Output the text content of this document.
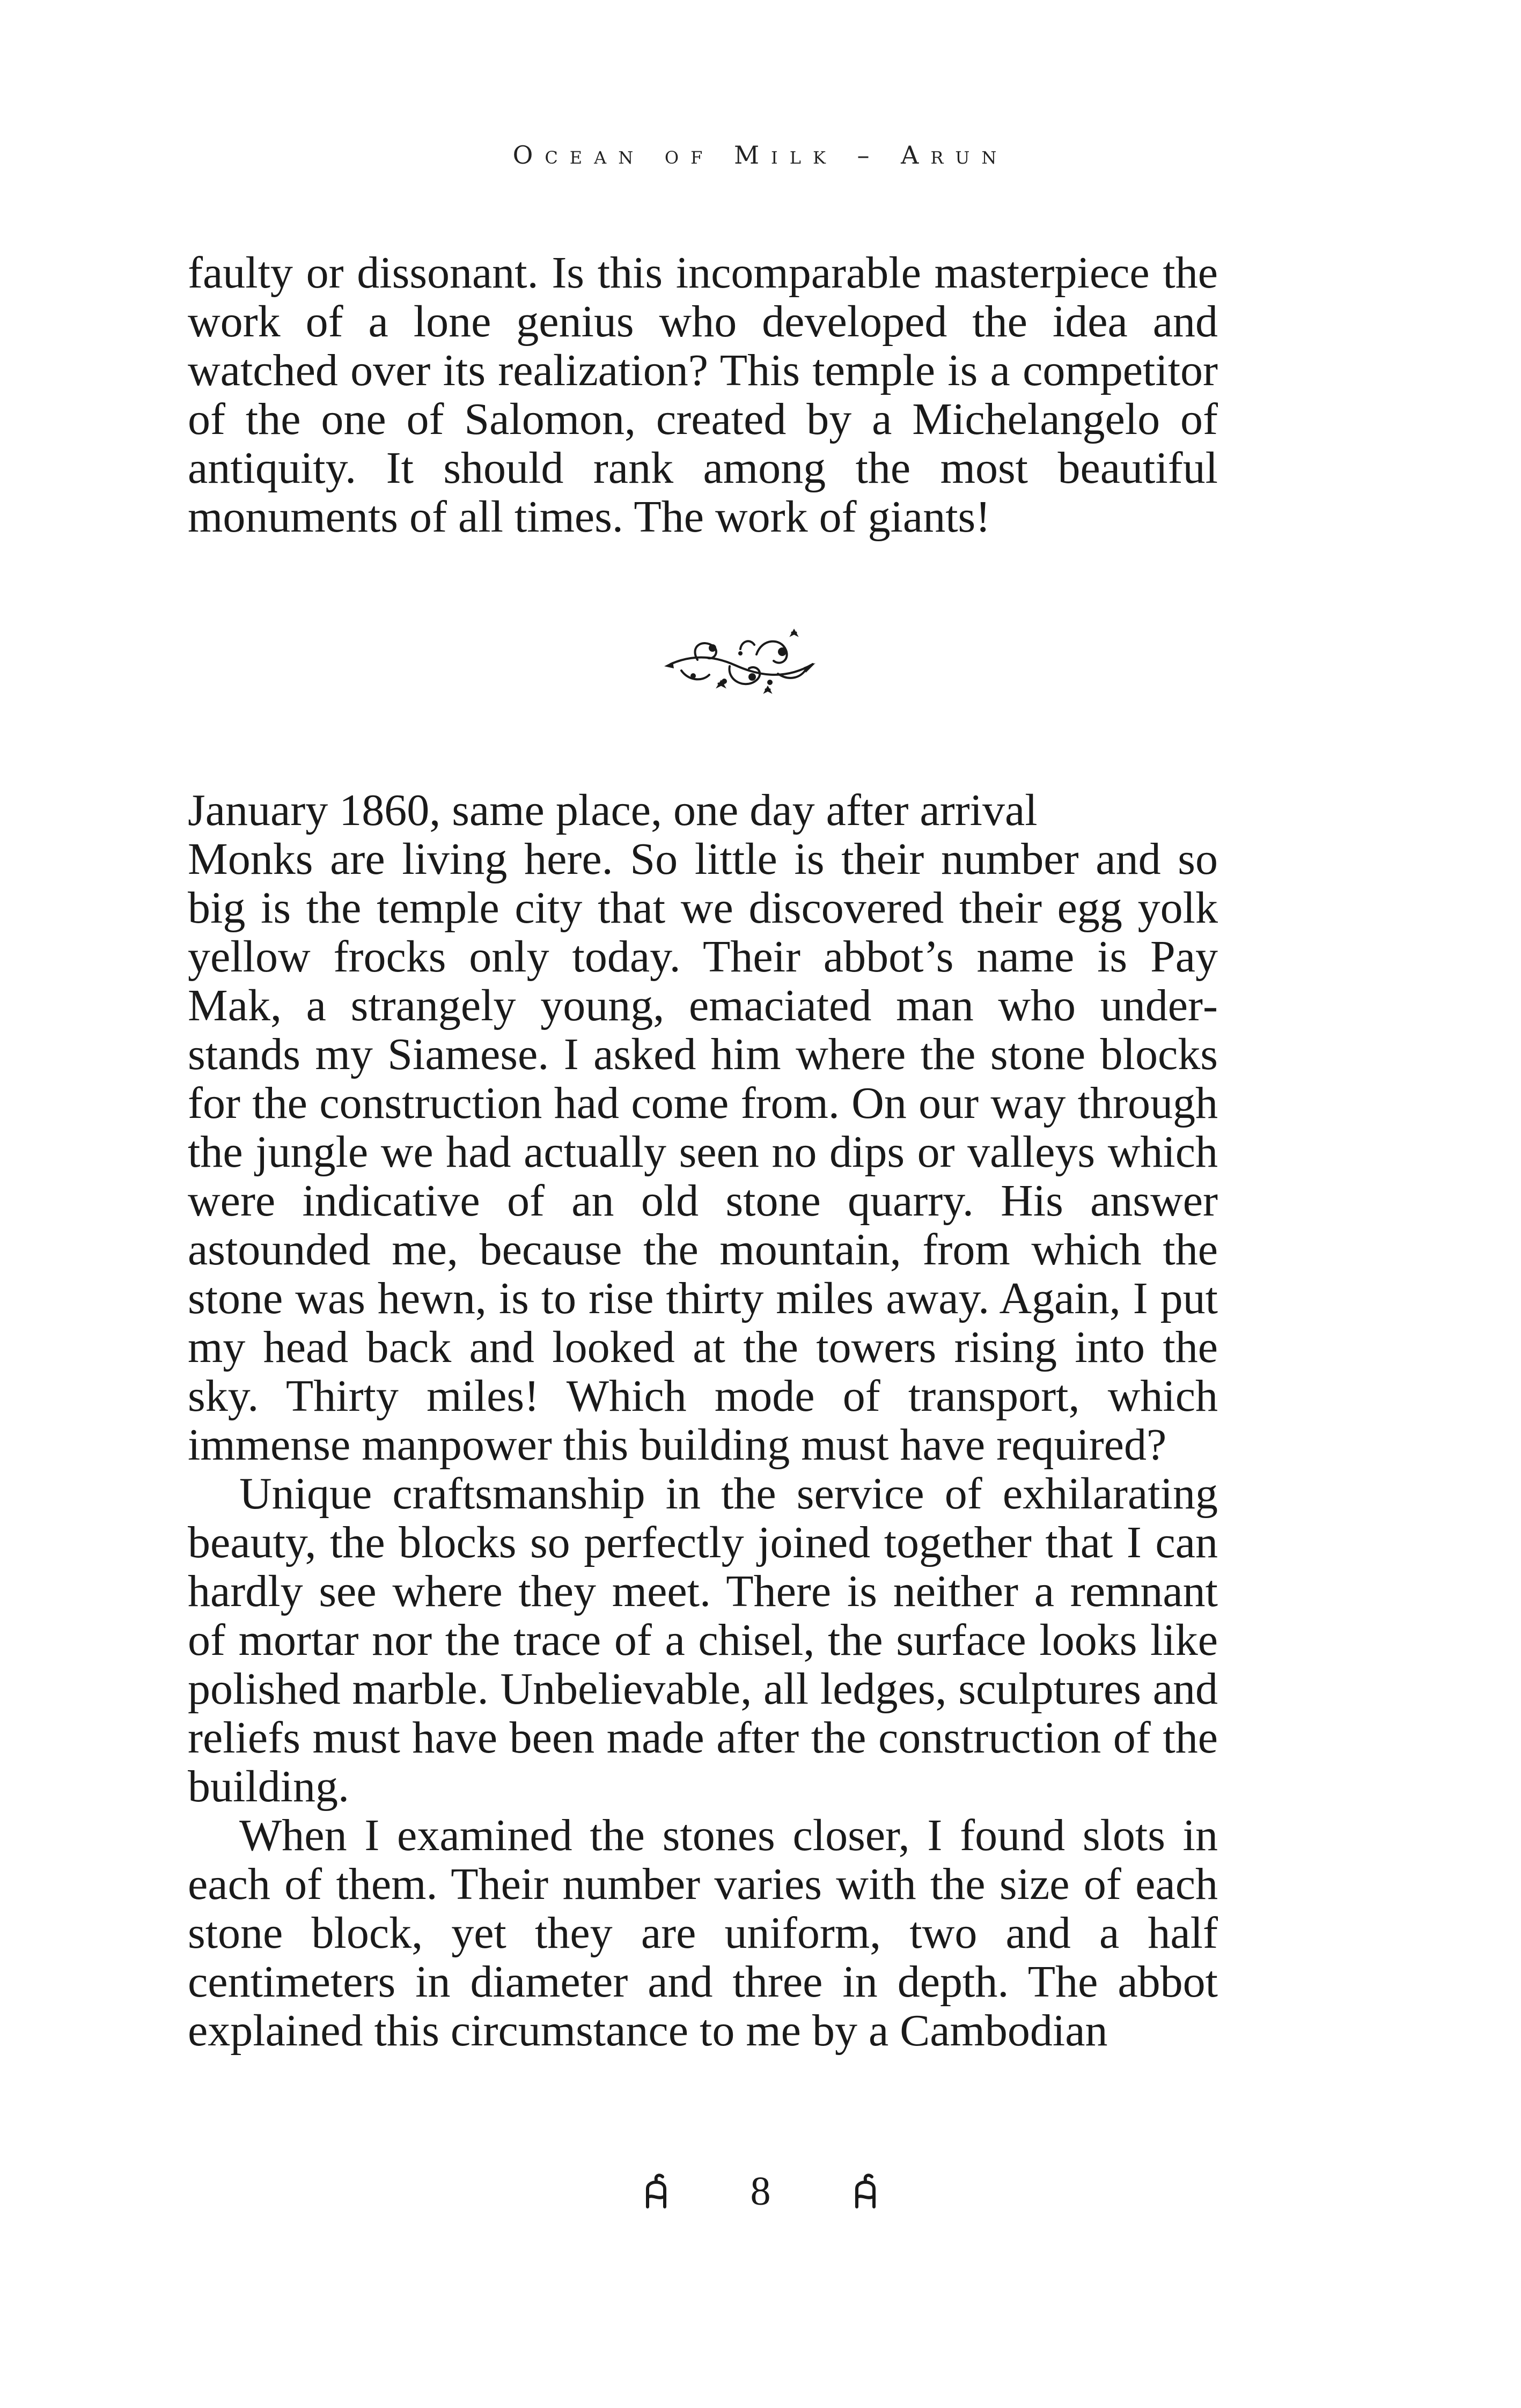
Ocean of Milk – Arun

faulty or dissonant. Is this incomparable masterpiece the work of a lone genius who developed the idea and watched over its realization? This temple is a competitor of the one of Salomon, created by a Michelangelo of antiquity. It should rank among the most beautiful monuments of all times. The work of giants!

January 1860, same place, one day after arrival

Monks are living here. So little is their number and so big is the temple city that we discovered their egg yolk yellow frocks only today. Their abbot’s name is Pay Mak, a strangely young, emaciated man who understands my Siamese. I asked him where the stone blocks for the construction had come from. On our way through the jungle we had actually seen no dips or valleys which were indicative of an old stone quarry. His answer astounded me, because the mountain, from which the stone was hewn, is to rise thirty miles away. Again, I put my head back and looked at the towers rising into the sky. Thirty miles! Which mode of transport, which immense manpower this building must have required?

Unique craftsmanship in the service of exhilarating beauty, the blocks so perfectly joined together that I can hardly see where they meet. There is neither a remnant of mortar nor the trace of a chisel, the surface looks like polished marble. Unbelievable, all ledges, sculptures and reliefs must have been made after the construction of the building.

When I examined the stones closer, I found slots in each of them. Their number varies with the size of each stone block, yet they are uniform, two and a half centimeters in diameter and three in depth. The abbot explained this circumstance to me by a Cambodian

8
